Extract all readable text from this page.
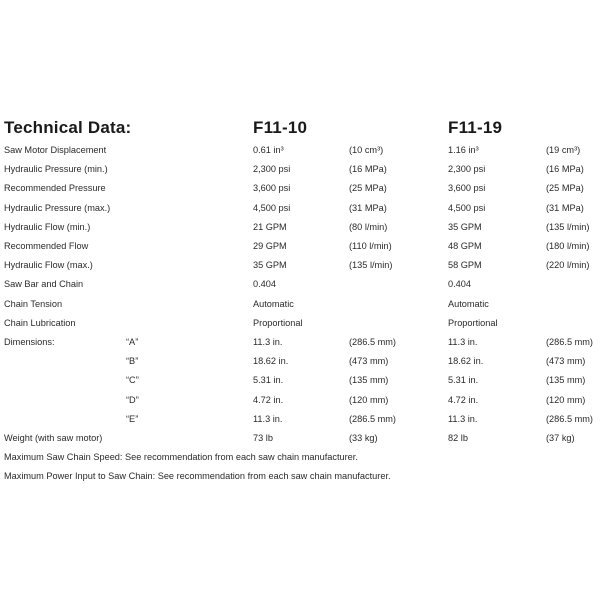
Technical Data:	F11-10	F11-19
Saw Motor Displacement	0.61 in³	(10 cm³)	1.16 in³	(19 cm³)
Hydraulic Pressure (min.)	2,300 psi	(16 MPa)	2,300 psi	(16 MPa)
Recommended Pressure	3,600 psi	(25 MPa)	3,600 psi	(25 MPa)
Hydraulic Pressure (max.)	4,500 psi	(31 MPa)	4,500 psi	(31 MPa)
Hydraulic Flow (min.)	21 GPM	(80 l/min)	35 GPM	(135 l/min)
Recommended Flow	29 GPM	(110 l/min)	48 GPM	(180 l/min)
Hydraulic Flow (max.)	35 GPM	(135 l/min)	58 GPM	(220 l/min)
Saw Bar and Chain	0.404	0.404
Chain Tension	Automatic	Automatic
Chain Lubrication	Proportional	Proportional
Dimensions:	“A”	11.3 in.	(286.5 mm)	11.3 in.	(286.5 mm)
“B”	18.62 in.	(473 mm)	18.62 in.	(473 mm)
“C”	5.31 in.	(135 mm)	5.31 in.	(135 mm)
“D”	4.72 in.	(120 mm)	4.72 in.	(120 mm)
“E”	11.3 in.	(286.5 mm)	11.3 in.	(286.5 mm)
Weight (with saw motor)	73 lb	(33 kg)	82 lb	(37 kg)
Maximum Saw Chain Speed: See recommendation from each saw chain manufacturer.
Maximum Power Input to Saw Chain: See recommendation from each saw chain manufacturer.
